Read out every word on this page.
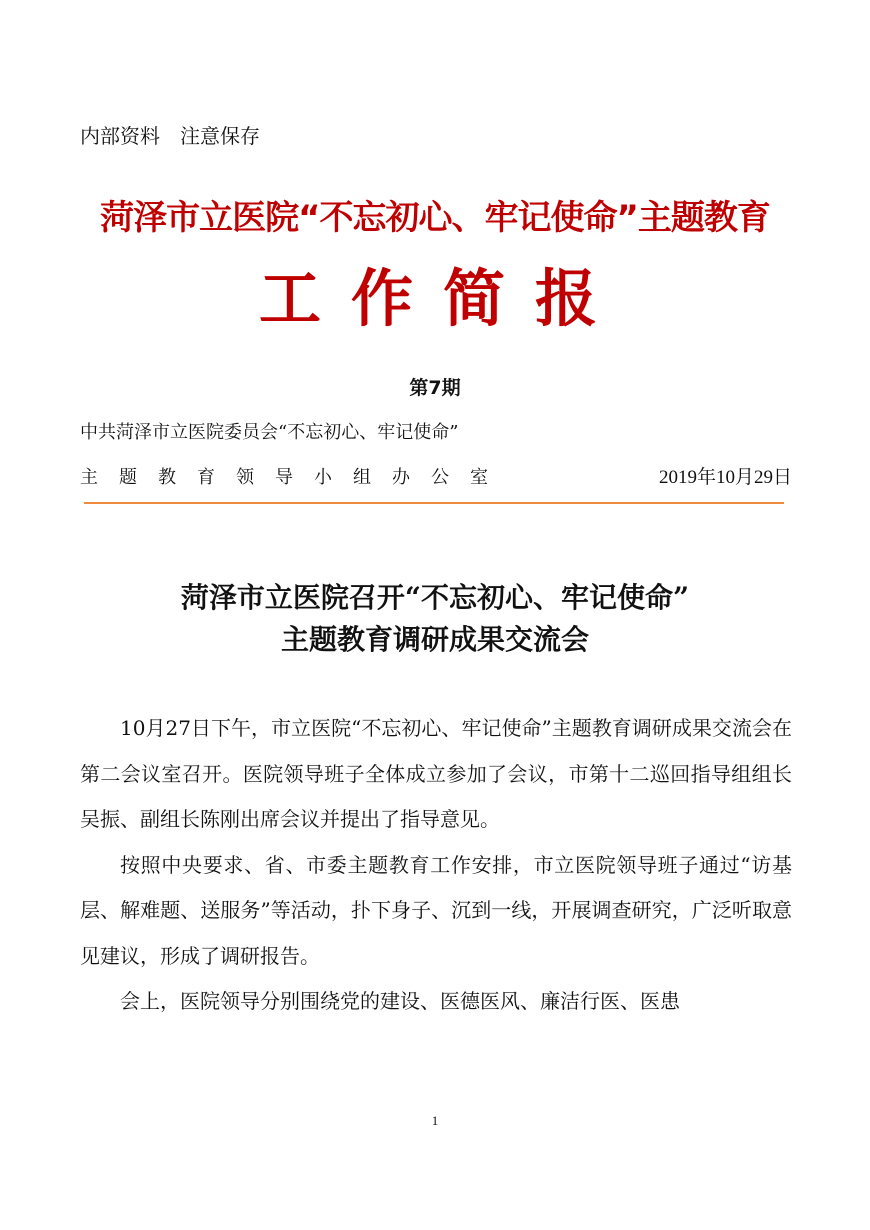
内部资料　注意保存
菏泽市立医院“不忘初心、牢记使命”主题教育
工作简报
第7期
中共菏泽市立医院委员会“不忘初心、牢记使命”
主题教育领导小组办公室	2019年10月29日
菏泽市立医院召开“不忘初心、牢记使命”
主题教育调研成果交流会

10月27日下午，市立医院“不忘初心、牢记使命”主题教育调研成果交流会在第二会议室召开。医院领导班子全体成立参加了会议，市第十二巡回指导组组长吴振、副组长陈刚出席会议并提出了指导意见。

按照中央要求、省、市委主题教育工作安排，市立医院领导班子通过“访基层、解难题、送服务”等活动，扑下身子、沉到一线，开展调查研究，广泛听取意见建议，形成了调研报告。

会上，医院领导分别围绕党的建设、医德医风、廉洁行医、医患

1
